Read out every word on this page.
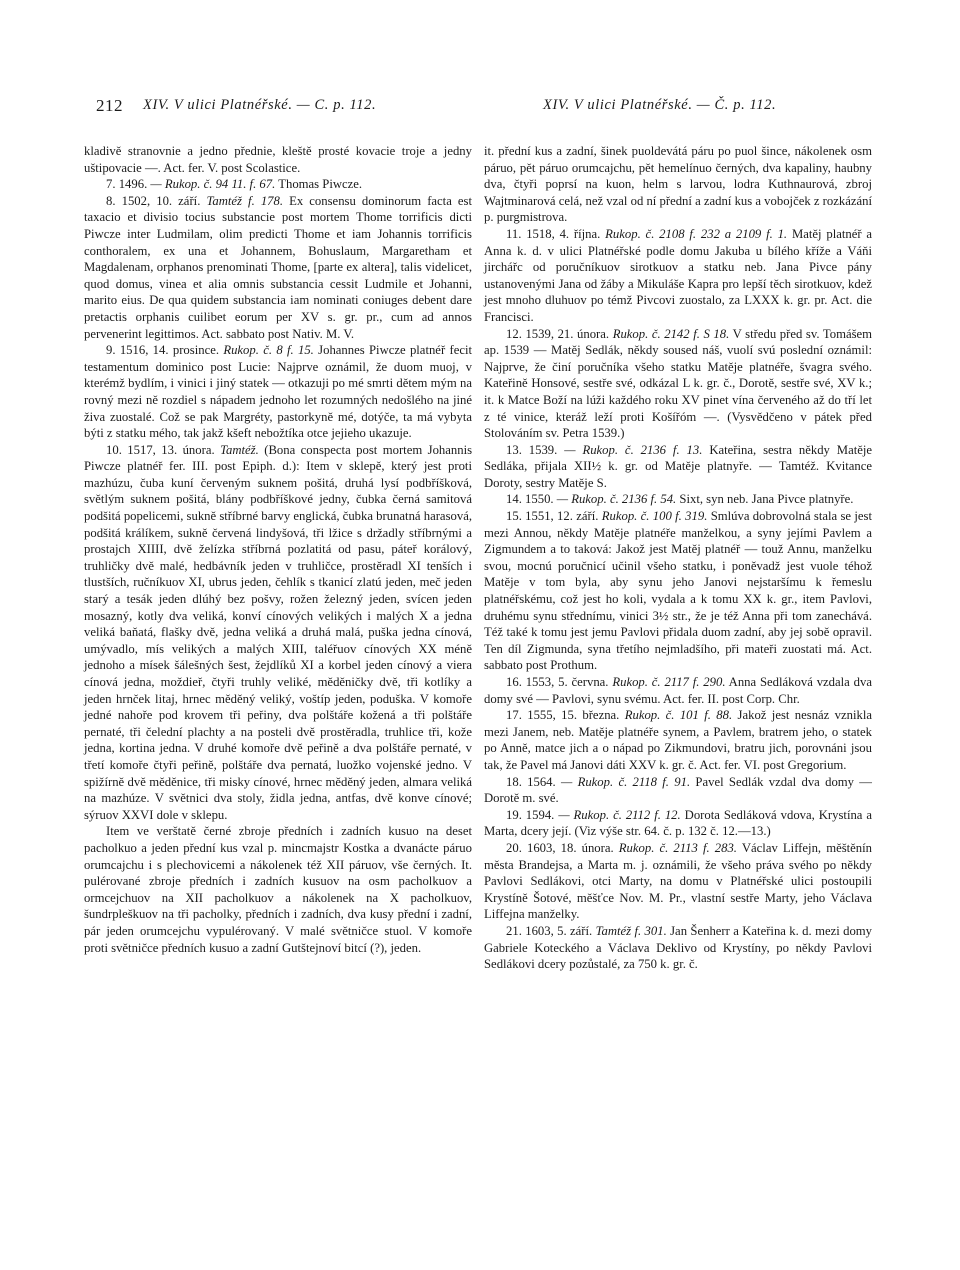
212 XIV. V ulici Platnéřské. — C. p. 112.	XIV. V ulici Platnéřské. — Č. p. 112.

kladivě stranovnie a jedno přednie, kleště prosté kovacie troje a jedny uštipovacie —. Act. fer. V. post Scolastice.

7. 1496. — Rukop. č. 94 11. f. 67. Thomas Piwcze.

8. 1502, 10. září. Tamtéž f. 178. Ex consensu dominorum facta est taxacio et divisio tocius substancie post mortem Thome torrificis dicti Piwcze inter Ludmilam, olim predicti Thome et iam Johannis torrificis conthoralem, ex una et Johannem, Bohuslaum, Margaretham et Magdalenam, orphanos prenominati Thome, [parte ex altera], talis videlicet, quod domus, vinea et alia omnis substancia cessit Ludmile et Johanni, marito eius. De qua quidem substancia iam nominati coniuges debent dare pretactis orphanis cuilibet eorum per XV s. gr. pr., cum ad annos pervenerint legittimos. Act. sabbato post Nativ. M. V.

9. 1516, 14. prosince. Rukop. č. 8 f. 15. Johannes Piwcze platnéř fecit testamentum dominico post Lucie: Najprve oznámil, že duom muoj, v kterémž bydlím, i vinici i jiný statek — otkazuji po mé smrti dětem mým na rovný mezi ně rozdiel s nápadem jednoho let rozumných nedošlého na jiné živa zuostalé. Což se pak Margréty, pastorkyně mé, dotýče, ta má vybyta býti z statku mého, tak jakž kšeft nebožtíka otce jejieho ukazuje.

10. 1517, 13. února. Tamtéž. (Bona conspecta post mortem Johannis Piwcze platnéř fer. III. post Epiph. d.): Item v sklepě, který jest proti mazhúzu, čuba kuní červeným suknem pošitá, druhá lysí podbříšková, světlým suknem pošitá, blány podbříškové jedny, čubka černá samitová podšitá popelicemi, sukně stříbrné barvy englická, čubka brunatná harasová, podšitá králíkem, sukně červená lindyšová, tři lžice s držadly stříbrnými a prostajch XIIII, dvě želízka stříbrná pozlatitá od pasu, páteř korálový, truhličky dvě malé, hedbávník jeden v truhličce, prostěradl XI tenších i tlustších, ručníkuov XI, ubrus jeden, čehlík s tkanicí zlatú jeden, meč jeden starý a tesák jeden dlúhý bez pošvy, rožen železný jeden, svícen jeden mosazný, kotly dva veliká, konví cínových velikých i malých X a jedna veliká baňatá, flašky dvě, jedna veliká a druhá malá, puška jedna cínová, umývadlo, mís velikých a malých XIII, taléřuov cínových XX méně jednoho a mísek šálešných šest, žejdlíků XI a korbel jeden cínový a viera cínová jedna, moždieř, čtyři truhly veliké, měděničky dvě, tři kotlíky a jeden hrnček litaj, hrnec měděný veliký, voštíp jeden, poduška. V komoře jedné nahoře pod krovem tři peřiny, dva polštáře kožená a tři polštáře pernaté, tři čelední plachty a na posteli dvě prostěradla, truhlice tři, kože jedna, kortina jedna. V druhé komoře dvě peřině a dva polštáře pernaté, v třetí komoře čtyři peřině, polštáře dva pernatá, luožko vojenské jedno. V spižírně dvě měděnice, tři misky cínové, hrnec měděný jeden, almara veliká na mazhúze. V světnici dva stoly, židla jedna, antfas, dvě konve cínové; sýruov XXVI dole v sklepu.

Item ve verštatě černé zbroje předních i zadních kusuo na deset pacholkuo a jeden přední kus vzal p. mincmajstr Kostka a dvanácte páruo orumcajchu i s plechovicemi a nákolenek též XII páruov, vše černých. It. pulérované zbroje předních i zadních kusuov na osm pacholkuov a ormcejchuov na XII pacholkuov a nákolenek na X pacholkuov, šundrpleškuov na tři pacholky, předních i zadních, dva kusy přední i zadní, pár jeden orumcejchu vypulérovaný. V malé světničce stuol. V komoře proti světničce předních kusuo a zadní Gutštejnoví bitcí (?), jeden.

it. přední kus a zadní, šinek puoldevátá páru po puol šince, nákolenek osm páruo, pět páruo orumcajchu, pět hemelínuo černých, dva kapaliny, haubny dva, čtyři poprsí na kuon, helm s larvou, lodra Kuthnaurová, zbroj Wajtminarová celá, než vzal od ní přední a zadní kus a vobojček z rozkázání p. purgmistrova.

11. 1518, 4. října. Rukop. č. 2108 f. 232 a 2109 f. 1. Matěj platnéř a Anna k. d. v ulici Platnéřské podle domu Jakuba u bílého kříže a Váňi jirchářc od poručníkuov sirotkuov a statku neb. Jana Pivce pány ustanovenými Jana od žáby a Mikuláše Kapra pro lepší těch sirotkuov, kdež jest mnoho dluhuov po témž Pivcovi zuostalo, za LXXX k. gr. pr. Act. die Francisci.

12. 1539, 21. února. Rukop. č. 2142 f. S 18. V středu před sv. Tomášem ap. 1539 — Matěj Sedlák, někdy soused náš, vuolí svú poslední oznámil: Najprve, že činí poručníka všeho statku Matěje platnéře, švagra svého. Kateřině Honsové, sestře své, odkázal L k. gr. č., Dorotě, sestře své, XV k.; it. k Matce Boží na lúži každého roku XV pinet vína červeného až do tří let z té vinice, kteráž leží proti Košířóm —. (Vysvědčeno v pátek před Stolováním sv. Petra 1539.)

13. 1539. — Rukop. č. 2136 f. 13. Kateřina, sestra někdy Matěje Sedláka, přijala XII½ k. gr. od Matěje platnyře. — Tamtéž. Kvitance Doroty, sestry Matěje S.

14. 1550. — Rukop. č. 2136 f. 54. Sixt, syn neb. Jana Pivce platnyře.

15. 1551, 12. září. Rukop. č. 100 f. 319. Smlúva dobrovolná stala se jest mezi Annou, někdy Matěje platnéře manželkou, a syny jejími Pavlem a Zigmundem a to taková: Jakož jest Matěj platnéř — touž Annu, manželku svou, mocnú poručnicí učinil všeho statku, i poněvadž jest vuole téhož Matěje v tom byla, aby synu jeho Janovi nejstaršímu k řemeslu platnéřskému, což jest ho koli, vydala a k tomu XX k. gr., item Pavlovi, druhému synu střednímu, vinici 3½ str., že je též Anna při tom zanechává. Též také k tomu jest jemu Pavlovi přidala duom zadní, aby jej sobě opravil. Ten díl Zigmunda, syna třetího nejmladšího, při mateři zuostati má. Act. sabbato post Prothum.

16. 1553, 5. června. Rukop. č. 2117 f. 290. Anna Sedláková vzdala dva domy své — Pavlovi, synu svému. Act. fer. II. post Corp. Chr.

17. 1555, 15. března. Rukop. č. 101 f. 88. Jakož jest nesnáz vznikla mezi Janem, neb. Matěje platnéře synem, a Pavlem, bratrem jeho, o statek po Anně, matce jich a o nápad po Zikmundovi, bratru jich, porovnáni jsou tak, že Pavel má Janovi dáti XXV k. gr. č. Act. fer. VI. post Gregorium.

18. 1564. — Rukop. č. 2118 f. 91. Pavel Sedlák vzdal dva domy — Dorotě m. své.

19. 1594. — Rukop. č. 2112 f. 12. Dorota Sedláková vdova, Krystína a Marta, dcery její. (Viz výše str. 64. č. p. 132 č. 12.—13.)

20. 1603, 18. února. Rukop. č. 2113 f. 283. Václav Liffejn, měštěnín města Brandejsa, a Marta m. j. oznámili, že všeho práva svého po někdy Pavlovi Sedlákovi, otci Marty, na domu v Platnéřské ulici postoupili Krystíně Šotové, měšťce Nov. M. Pr., vlastní sestře Marty, jeho Václava Liffejna manželky.

21. 1603, 5. září. Tamtéž f. 301. Jan Šenherr a Kateřina k. d. mezi domy Gabriele Koteckého a Václava Deklivo od Krystíny, po někdy Pavlovi Sedlákovi dcery pozůstalé, za 750 k. gr. č.
